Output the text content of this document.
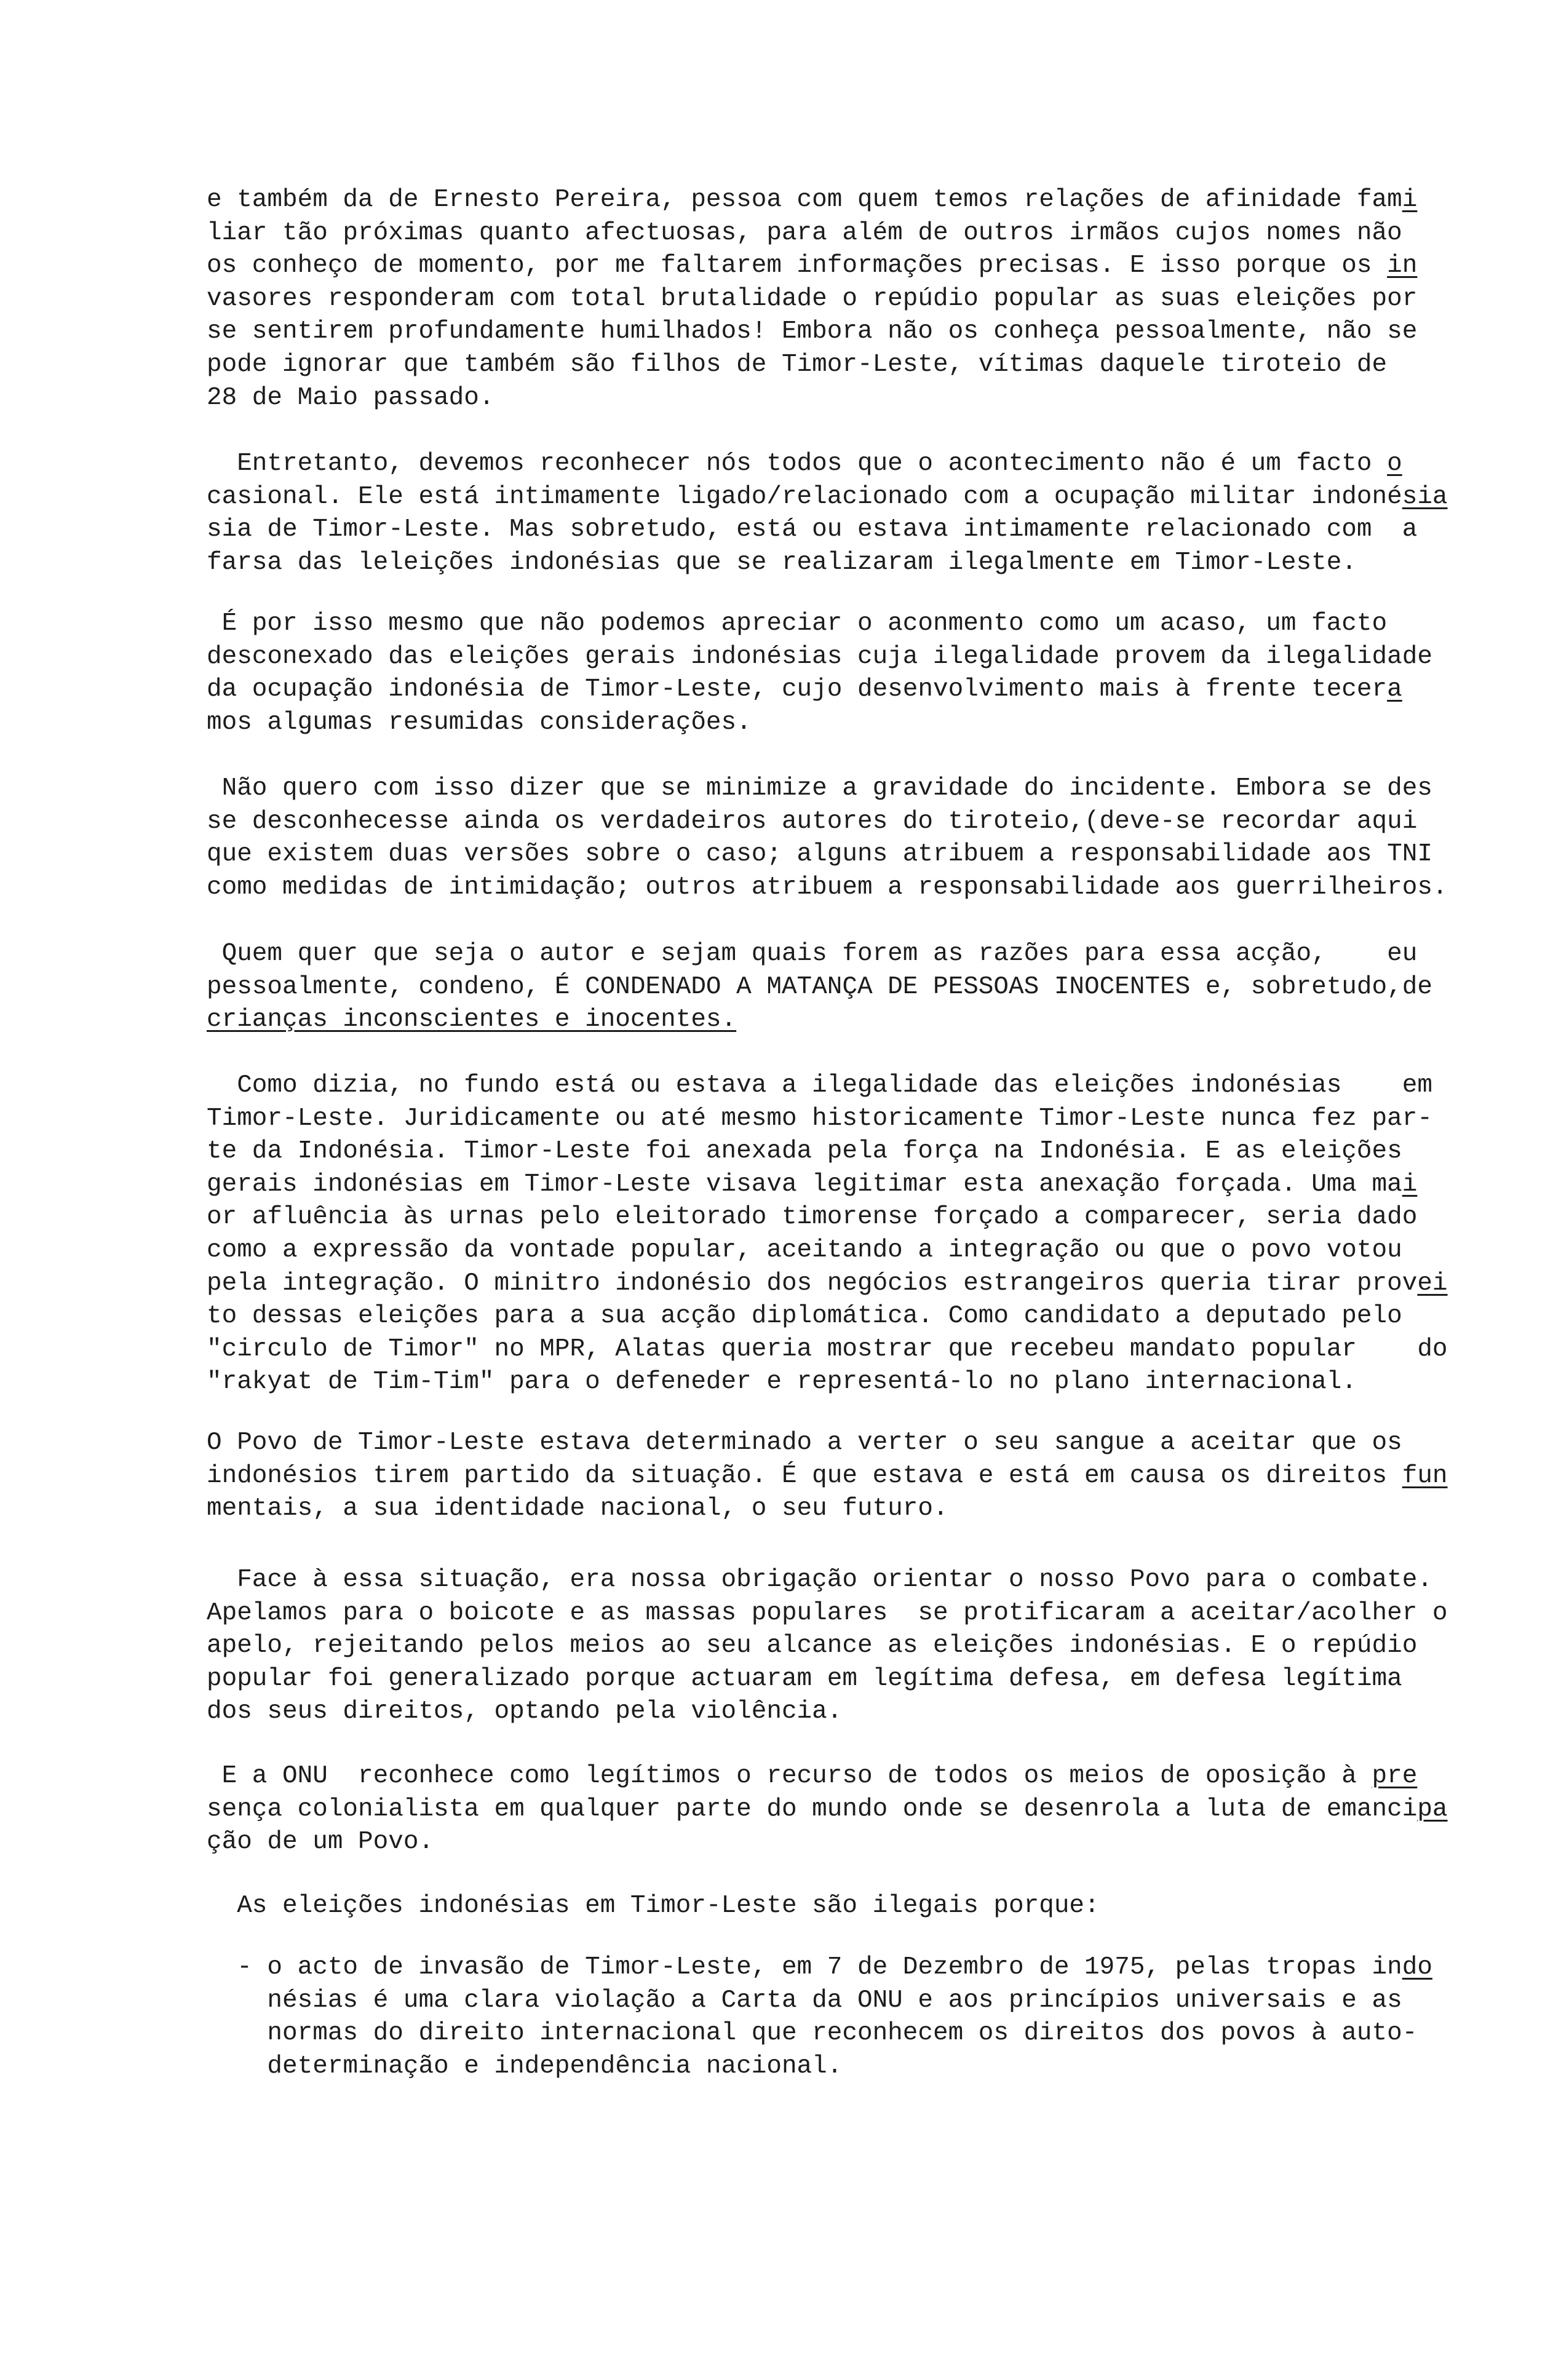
e também da de Ernesto Pereira, pessoa com quem temos relações de afinidade fami
liar tão próximas quanto afectuosas, para além de outros irmãos cujos nomes não
os conheço de momento, por me faltarem informações precisas. E isso porque os in
vasores responderam com total brutalidade o repúdio popular as suas eleições por
se sentirem profundamente humilhados! Embora não os conheça pessoalmente, não se
pode ignorar que também são filhos de Timor-Leste, vítimas daquele tiroteio de
28 de Maio passado.
Entretanto, devemos reconhecer nós todos que o acontecimento não é um facto o
casional. Ele está intimamente ligado/relacionado com a ocupação militar indonésia
sia de Timor-Leste. Mas sobretudo, está ou estava intimamente relacionado com  a
farsa das leleições indonésias que se realizaram ilegalmente em Timor-Leste.
É por isso mesmo que não podemos apreciar o aconmento como um acaso, um facto
desconexado das eleições gerais indonésias cuja ilegalidade provem da ilegalidade
da ocupação indonésia de Timor-Leste, cujo desenvolvimento mais à frente tecera
mos algumas resumidas considerações.
Não quero com isso dizer que se minimize a gravidade do incidente. Embora se des
se desconhecesse ainda os verdadeiros autores do tiroteio,(deve-se recordar aqui
que existem duas versões sobre o caso; alguns atribuem a responsabilidade aos TNI
como medidas de intimidação; outros atribuem a responsabilidade aos guerrilheiros.
Quem quer que seja o autor e sejam quais forem as razões para essa acção,    eu
pessoalmente, condeno, É CONDENADO A MATANÇA DE PESSOAS INOCENTES e, sobretudo,de
crianças inconscientes e inocentes.
Como dizia, no fundo está ou estava a ilegalidade das eleições indonésias    em
Timor-Leste. Juridicamente ou até mesmo historicamente Timor-Leste nunca fez par-
te da Indonésia. Timor-Leste foi anexada pela força na Indonésia. E as eleições
gerais indonésias em Timor-Leste visava legitimar esta anexação forçada. Uma mai
or afluência às urnas pelo eleitorado timorense forçado a comparecer, seria dado
como a expressão da vontade popular, aceitando a integração ou que o povo votou
pela integração. O minitro indonésio dos negócios estrangeiros queria tirar provei
to dessas eleições para a sua acção diplomática. Como candidato a deputado pelo
"circulo de Timor" no MPR, Alatas queria mostrar que recebeu mandato popular    do
"rakyat de Tim-Tim" para o defeneder e representá-lo no plano internacional.
O Povo de Timor-Leste estava determinado a verter o seu sangue a aceitar que os
indonésios tirem partido da situação. É que estava e está em causa os direitos fun
mentais, a sua identidade nacional, o seu futuro.
Face à essa situação, era nossa obrigação orientar o nosso Povo para o combate.
Apelamos para o boicote e as massas populares  se protificaram a aceitar/acolher o
apelo, rejeitando pelos meios ao seu alcance as eleições indonésias. E o repúdio
popular foi generalizado porque actuaram em legítima defesa, em defesa legítima
dos seus direitos, optando pela violência.
E a ONU  reconhece como legítimos o recurso de todos os meios de oposição à pre
sença colonialista em qualquer parte do mundo onde se desenrola a luta de emancipa
ção de um Povo.
As eleições indonésias em Timor-Leste são ilegais porque:
- o acto de invasão de Timor-Leste, em 7 de Dezembro de 1975, pelas tropas indo
nésias é uma clara violação a Carta da ONU e aos princípios universais e as
normas do direito internacional que reconhecem os direitos dos povos à auto-
determinação e independência nacional.
